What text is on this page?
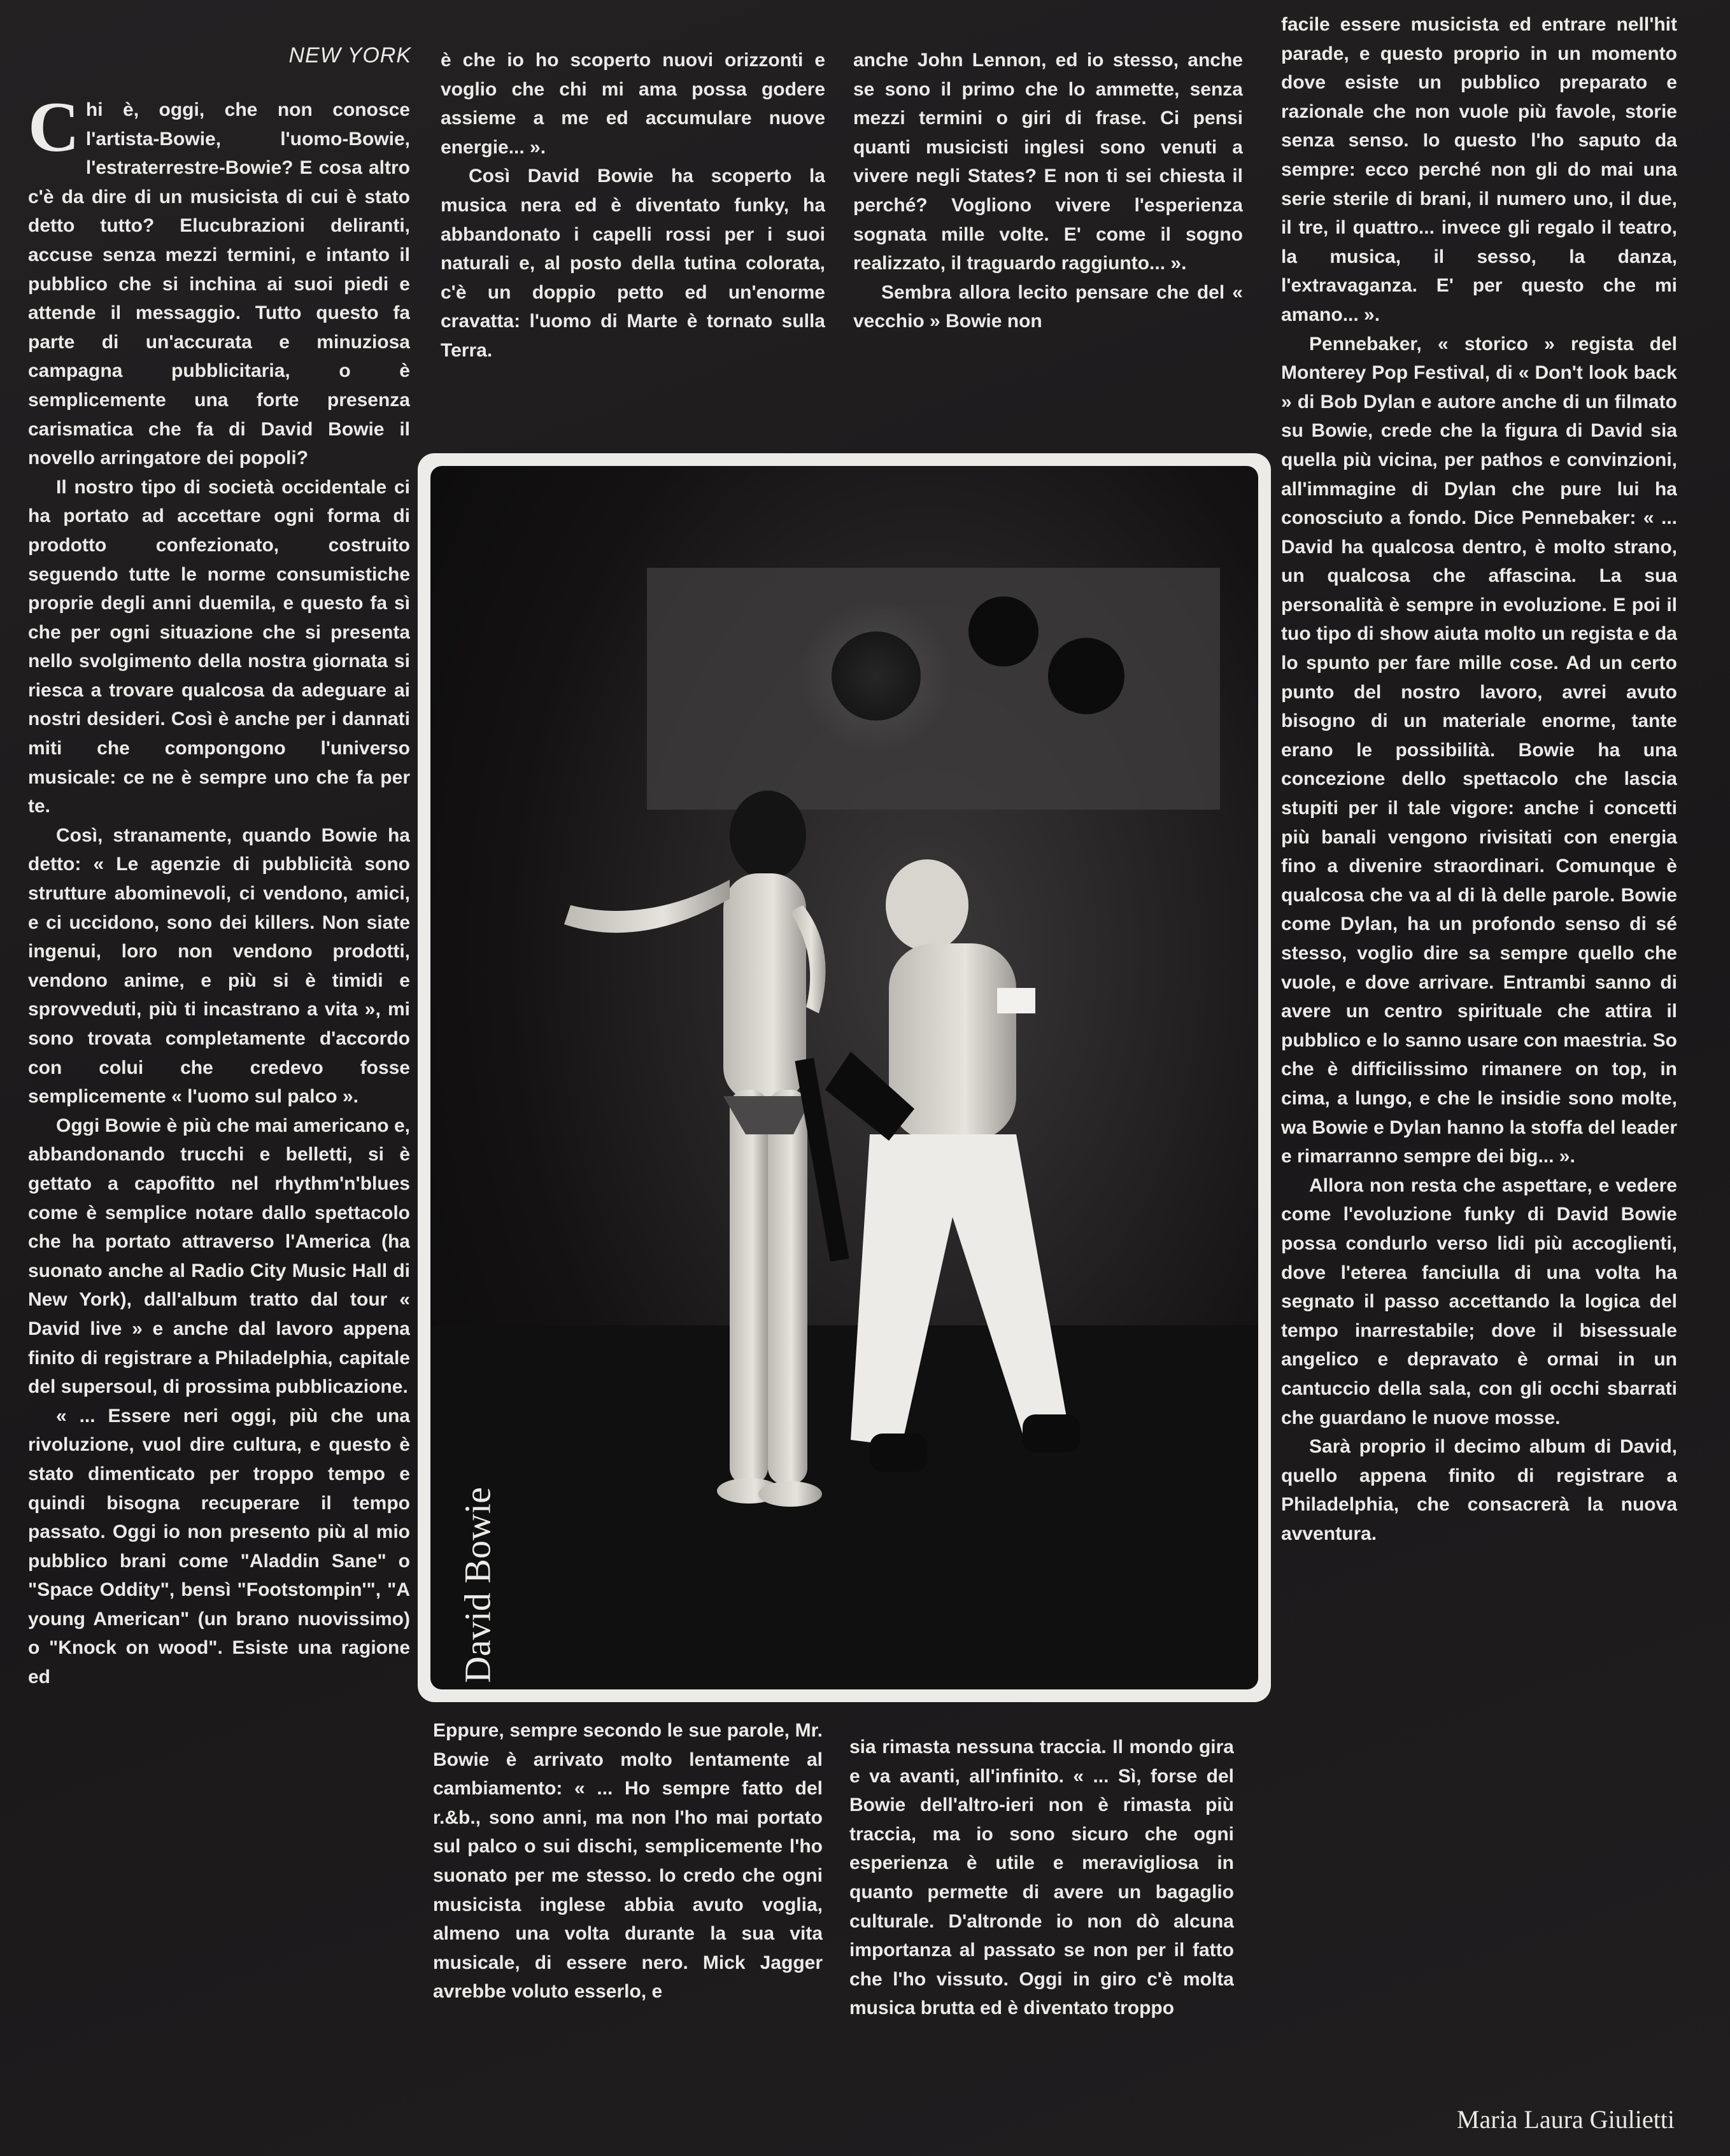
NEW YORK

Chi è, oggi, che non conosce l'artista-Bowie, l'uomo-Bowie, l'estraterrestre-Bowie? E cosa altro c'è da dire di un musicista di cui è stato detto tutto? Elucubrazioni deliranti, accuse senza mezzi termini, e intanto il pubblico che si inchina ai suoi piedi e attende il messaggio. Tutto questo fa parte di un'accurata e minuziosa campagna pubblicitaria, o è semplicemente una forte presenza carismatica che fa di David Bowie il novello arringatore dei popoli?

Il nostro tipo di società occidentale ci ha portato ad accettare ogni forma di prodotto confezionato, costruito seguendo tutte le norme consumistiche proprie degli anni duemila, e questo fa sì che per ogni situazione che si presenta nello svolgimento della nostra giornata si riesca a trovare qualcosa da adeguare ai nostri desideri. Così è anche per i dannati miti che compongono l'universo musicale: ce ne è sempre uno che fa per te.

Così, stranamente, quando Bowie ha detto: « Le agenzie di pubblicità sono strutture abominevoli, ci vendono, amici, e ci uccidono, sono dei killers. Non siate ingenui, loro non vendono prodotti, vendono anime, e più si è timidi e sprovveduti, più ti incastrano a vita », mi sono trovata completamente d'accordo con colui che credevo fosse semplicemente « l'uomo sul palco ».

Oggi Bowie è più che mai americano e, abbandonando trucchi e belletti, si è gettato a capofitto nel rhythm'n'blues come è semplice notare dallo spettacolo che ha portato attraverso l'America (ha suonato anche al Radio City Music Hall di New York), dall'album tratto dal tour « David live » e anche dal lavoro appena finito di registrare a Philadelphia, capitale del supersoul, di prossima pubblicazione.

« ... Essere neri oggi, più che una rivoluzione, vuol dire cultura, e questo è stato dimenticato per troppo tempo e quindi bisogna recuperare il tempo passato. Oggi io non presento più al mio pubblico brani come "Aladdin Sane" o "Space Oddity", bensì "Footstompin'", "A young American" (un brano nuovissimo) o "Knock on wood". Esiste una ragione ed

è che io ho scoperto nuovi orizzonti e voglio che chi mi ama possa godere assieme a me ed accumulare nuove energie... ».

Così David Bowie ha scoperto la musica nera ed è diventato funky, ha abbandonato i capelli rossi per i suoi naturali e, al posto della tutina colorata, c'è un doppio petto ed un'enorme cravatta: l'uomo di Marte è tornato sulla Terra.

anche John Lennon, ed io stesso, anche se sono il primo che lo ammette, senza mezzi termini o giri di frase. Ci pensi quanti musicisti inglesi sono venuti a vivere negli States? E non ti sei chiesta il perché? Vogliono vivere l'esperienza sognata mille volte. E' come il sogno realizzato, il traguardo raggiunto... ».

Sembra allora lecito pensare che del « vecchio » Bowie non

facile essere musicista ed entrare nell'hit parade, e questo proprio in un momento dove esiste un pubblico preparato e razionale che non vuole più favole, storie senza senso. Io questo l'ho saputo da sempre: ecco perché non gli do mai una serie sterile di brani, il numero uno, il due, il tre, il quattro... invece gli regalo il teatro, la musica, il sesso, la danza, l'extravaganza. E' per questo che mi amano... ».

Pennebaker, « storico » regista del Monterey Pop Festival, di « Don't look back » di Bob Dylan e autore anche di un filmato su Bowie, crede che la figura di David sia quella più vicina, per pathos e convinzioni, all'immagine di Dylan che pure lui ha conosciuto a fondo. Dice Pennebaker: « ... David ha qualcosa dentro, è molto strano, un qualcosa che affascina. La sua personalità è sempre in evoluzione. E poi il tuo tipo di show aiuta molto un regista e da lo spunto per fare mille cose. Ad un certo punto del nostro lavoro, avrei avuto bisogno di un materiale enorme, tante erano le possibilità. Bowie ha una concezione dello spettacolo che lascia stupiti per il tale vigore: anche i concetti più banali vengono rivisitati con energia fino a divenire straordinari. Comunque è qualcosa che va al di là delle parole. Bowie come Dylan, ha un profondo senso di sé stesso, voglio dire sa sempre quello che vuole, e dove arrivare. Entrambi sanno di avere un centro spirituale che attira il pubblico e lo sanno usare con maestria. So che è difficilissimo rimanere on top, in cima, a lungo, e che le insidie sono molte, wa Bowie e Dylan hanno la stoffa del leader e rimarranno sempre dei big... ».

Allora non resta che aspettare, e vedere come l'evoluzione funky di David Bowie possa condurlo verso lidi più accoglienti, dove l'eterea fanciulla di una volta ha segnato il passo accettando la logica del tempo inarrestabile; dove il bisessuale angelico e depravato è ormai in un cantuccio della sala, con gli occhi sbarrati che guardano le nuove mosse.

Sarà proprio il decimo album di David, quello appena finito di registrare a Philadelphia, che consacrerà la nuova avventura.

David Bowie

Eppure, sempre secondo le sue parole, Mr. Bowie è arrivato molto lentamente al cambiamento: « ... Ho sempre fatto del r.&b., sono anni, ma non l'ho mai portato sul palco o sui dischi, semplicemente l'ho suonato per me stesso. Io credo che ogni musicista inglese abbia avuto voglia, almeno una volta durante la sua vita musicale, di essere nero. Mick Jagger avrebbe voluto esserlo, e

sia rimasta nessuna traccia. Il mondo gira e va avanti, all'infinito. « ... Sì, forse del Bowie dell'altro-ieri non è rimasta più traccia, ma io sono sicuro che ogni esperienza è utile e meravigliosa in quanto permette di avere un bagaglio culturale. D'altronde io non dò alcuna importanza al passato se non per il fatto che l'ho vissuto. Oggi in giro c'è molta musica brutta ed è diventato troppo

Maria Laura Giulietti
